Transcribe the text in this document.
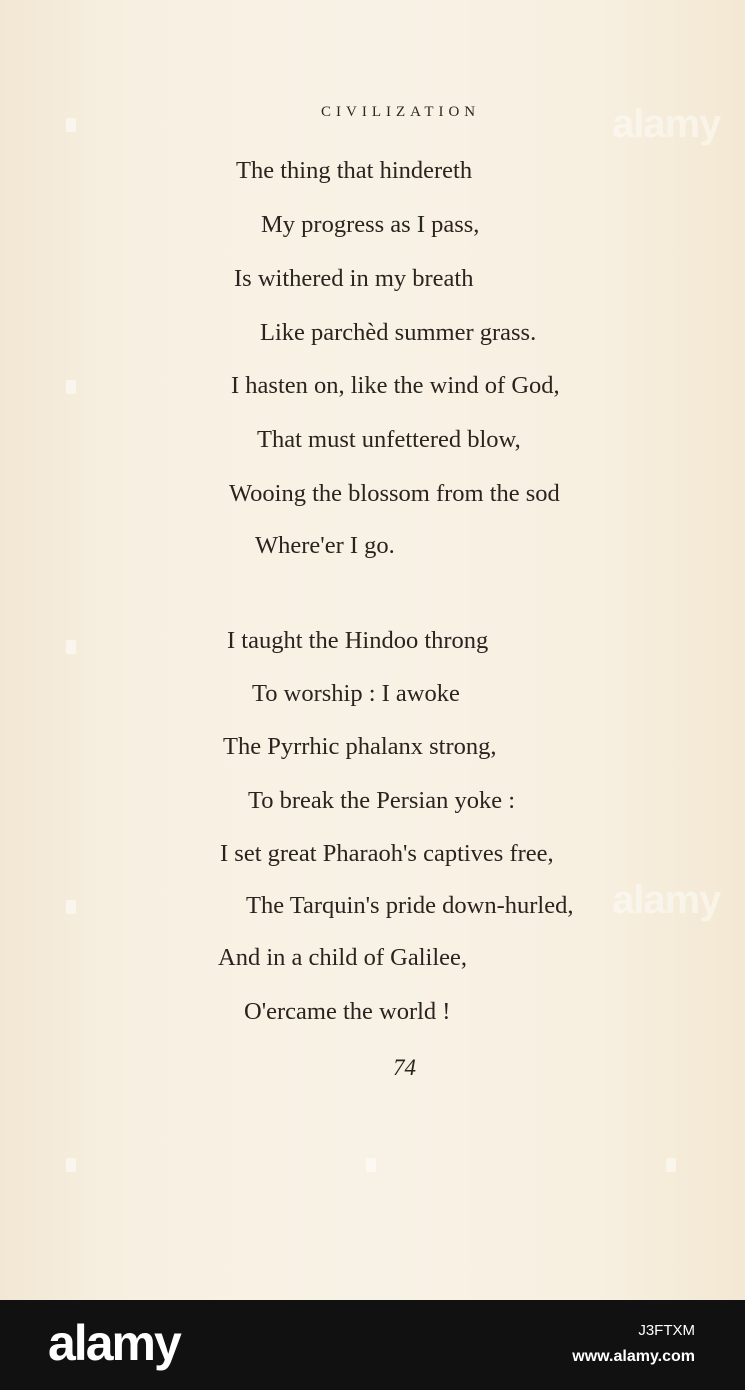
alamy
alamy
CIVILIZATION
The thing that hindereth
My progress as I pass,
Is withered in my breath
Like parchèd summer grass.
I hasten on, like the wind of God,
That must unfettered blow,
Wooing the blossom from the sod
Where'er I go.
I taught the Hindoo throng
To worship : I awoke
The Pyrrhic phalanx strong,
To break the Persian yoke :
I set great Pharaoh's captives free,
The Tarquin's pride down-hurled,
And in a child of Galilee,
O'ercame the world !
74
alamy	J3FTXM
www.alamy.com
